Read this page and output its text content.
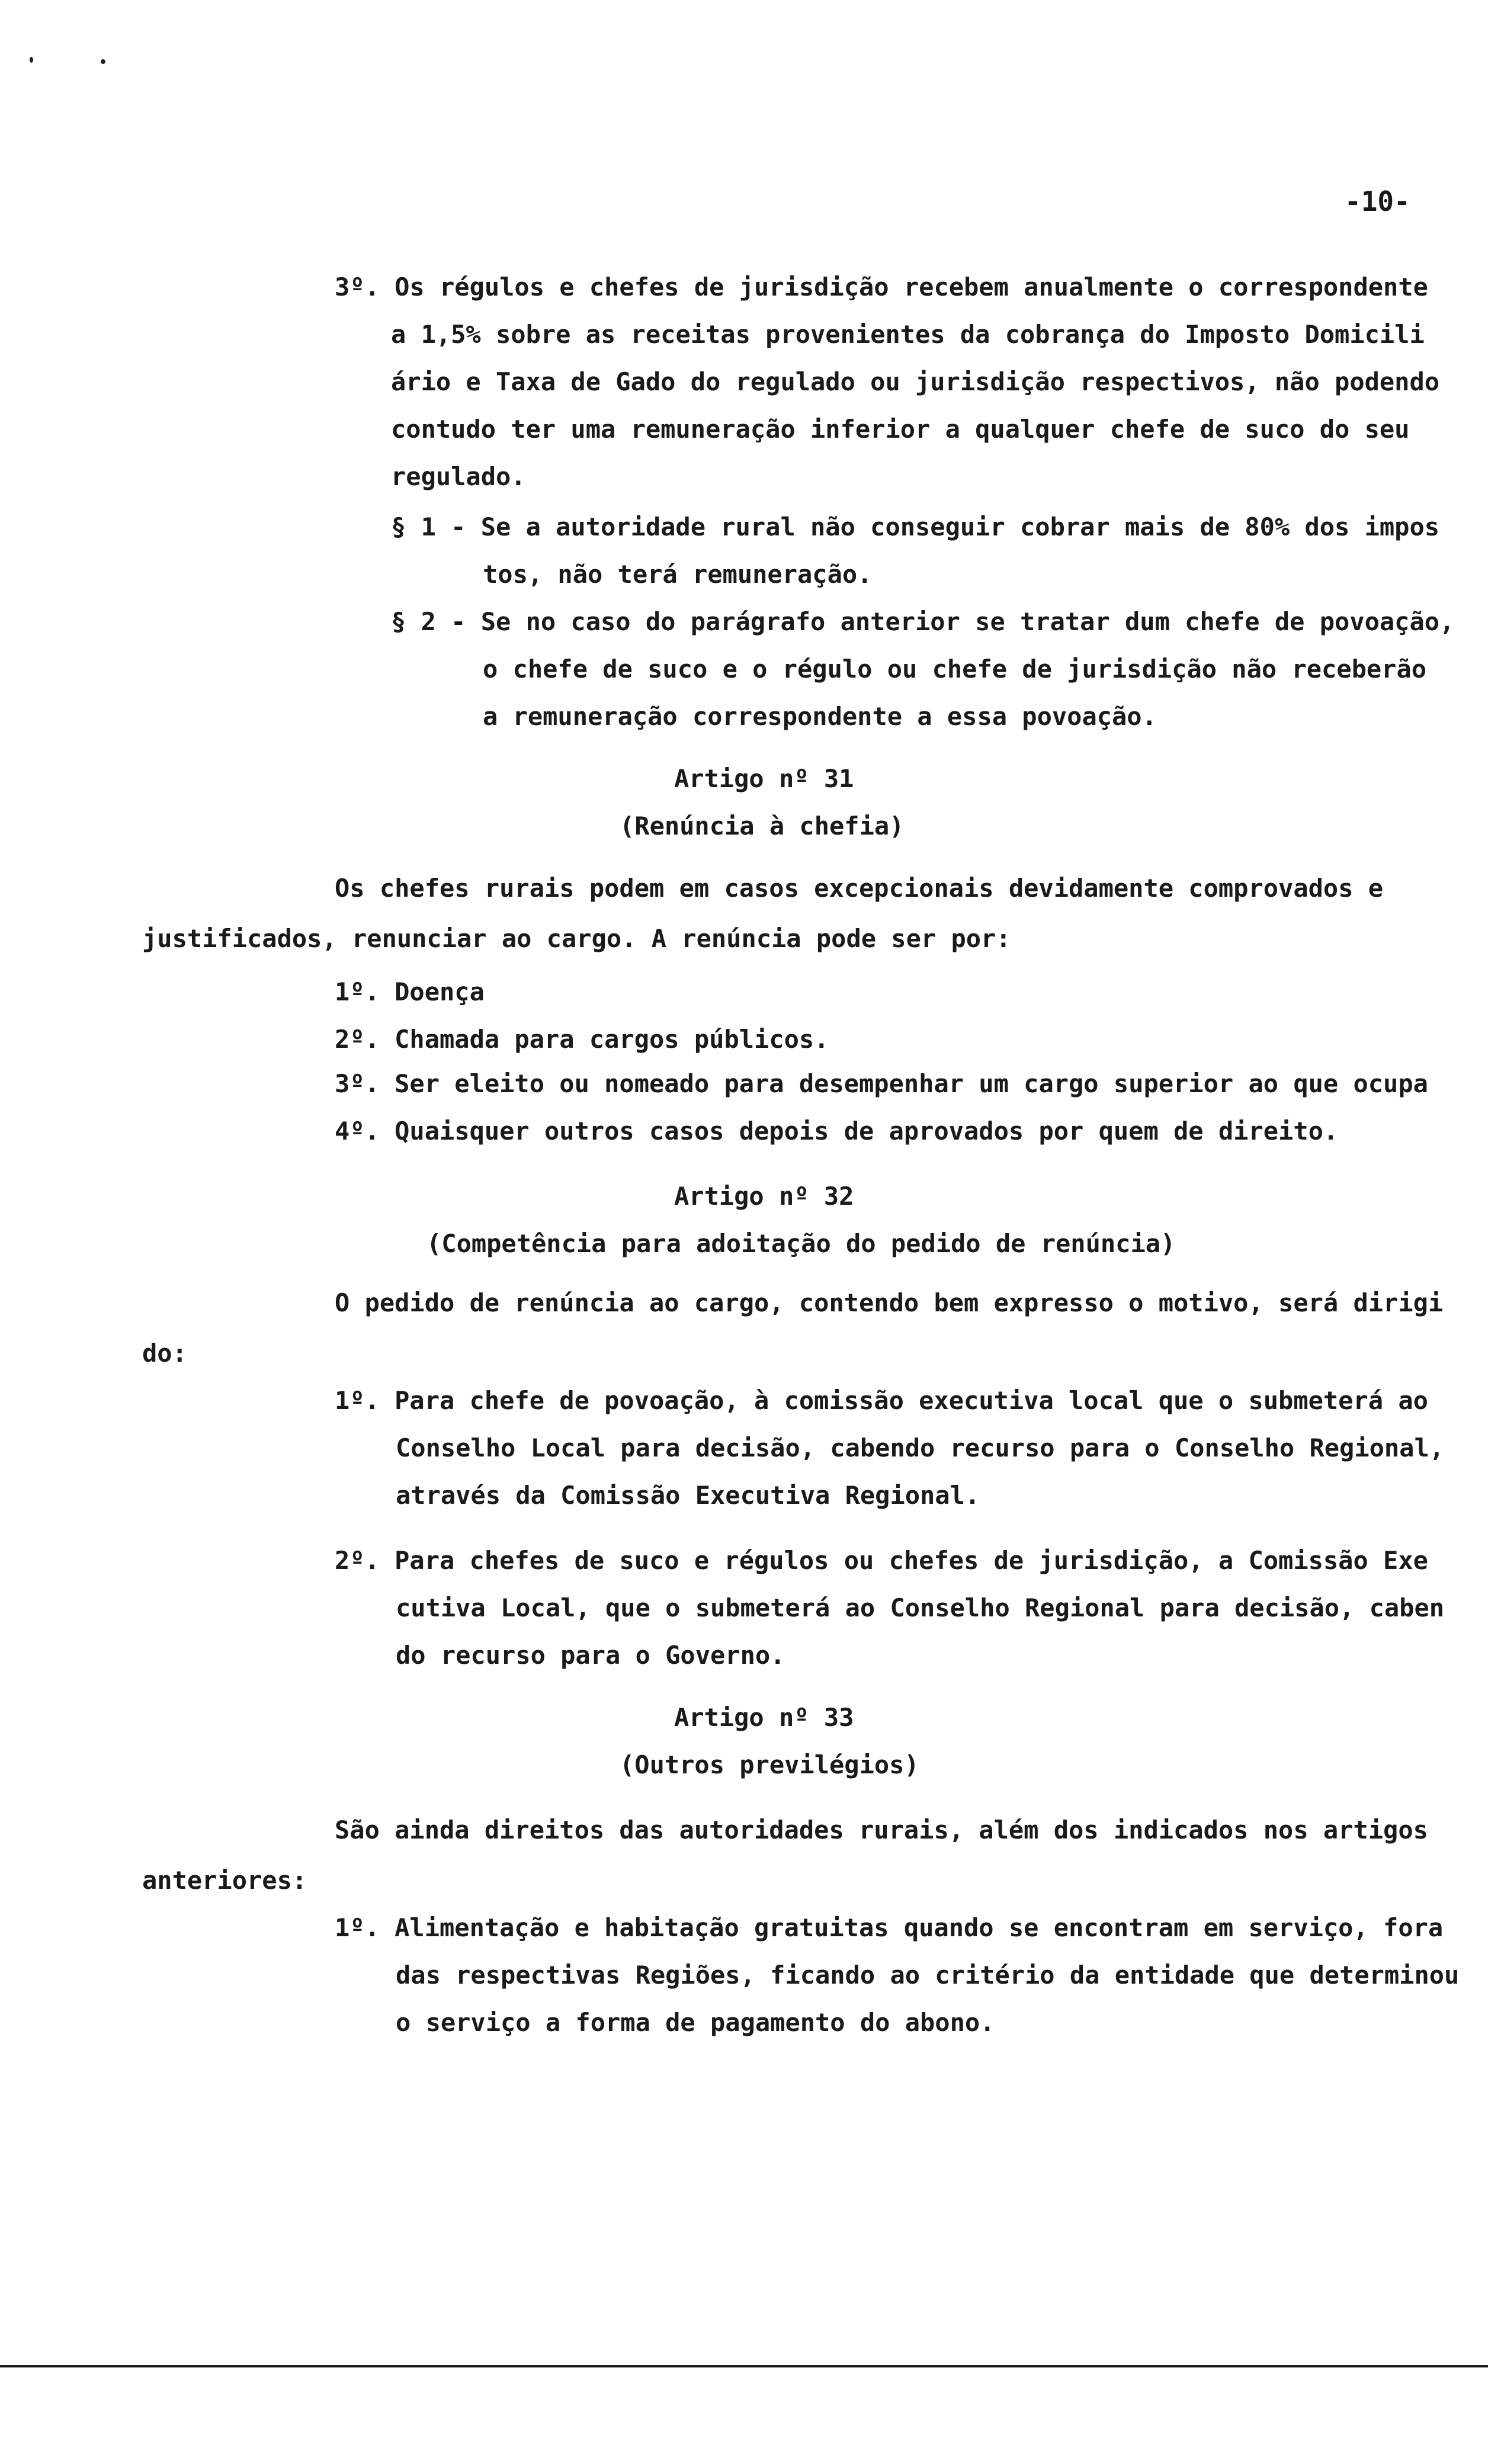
-10-
3º. Os régulos e chefes de jurisdição recebem anualmente o correspondente
a 1,5% sobre as receitas provenientes da cobrança do Imposto Domicili
ário e Taxa de Gado do regulado ou jurisdição respectivos, não podendo
contudo ter uma remuneração inferior a qualquer chefe de suco do seu
regulado.
§ 1 - Se a autoridade rural não conseguir cobrar mais de 80% dos impos
tos, não terá remuneração.
§ 2 - Se no caso do parágrafo anterior se tratar dum chefe de povoação,
o chefe de suco e o régulo ou chefe de jurisdição não receberão
a remuneração correspondente a essa povoação.
Artigo nº 31
(Renúncia à chefia)
Os chefes rurais podem em casos excepcionais devidamente comprovados e
justificados, renunciar ao cargo. A renúncia pode ser por:
1º. Doença
2º. Chamada para cargos públicos.
3º. Ser eleito ou nomeado para desempenhar um cargo superior ao que ocupa
4º. Quaisquer outros casos depois de aprovados por quem de direito.
Artigo nº 32
(Competência para adoitação do pedido de renúncia)
O pedido de renúncia ao cargo, contendo bem expresso o motivo, será dirigi
do:
1º. Para chefe de povoação, à comissão executiva local que o submeterá ao
Conselho Local para decisão, cabendo recurso para o Conselho Regional,
através da Comissão Executiva Regional.
2º. Para chefes de suco e régulos ou chefes de jurisdição, a Comissão Exe
cutiva Local, que o submeterá ao Conselho Regional para decisão, caben
do recurso para o Governo.
Artigo nº 33
(Outros previlégios)
São ainda direitos das autoridades rurais, além dos indicados nos artigos
anteriores:
1º. Alimentação e habitação gratuitas quando se encontram em serviço, fora
das respectivas Regiões, ficando ao critério da entidade que determinou
o serviço a forma de pagamento do abono.
